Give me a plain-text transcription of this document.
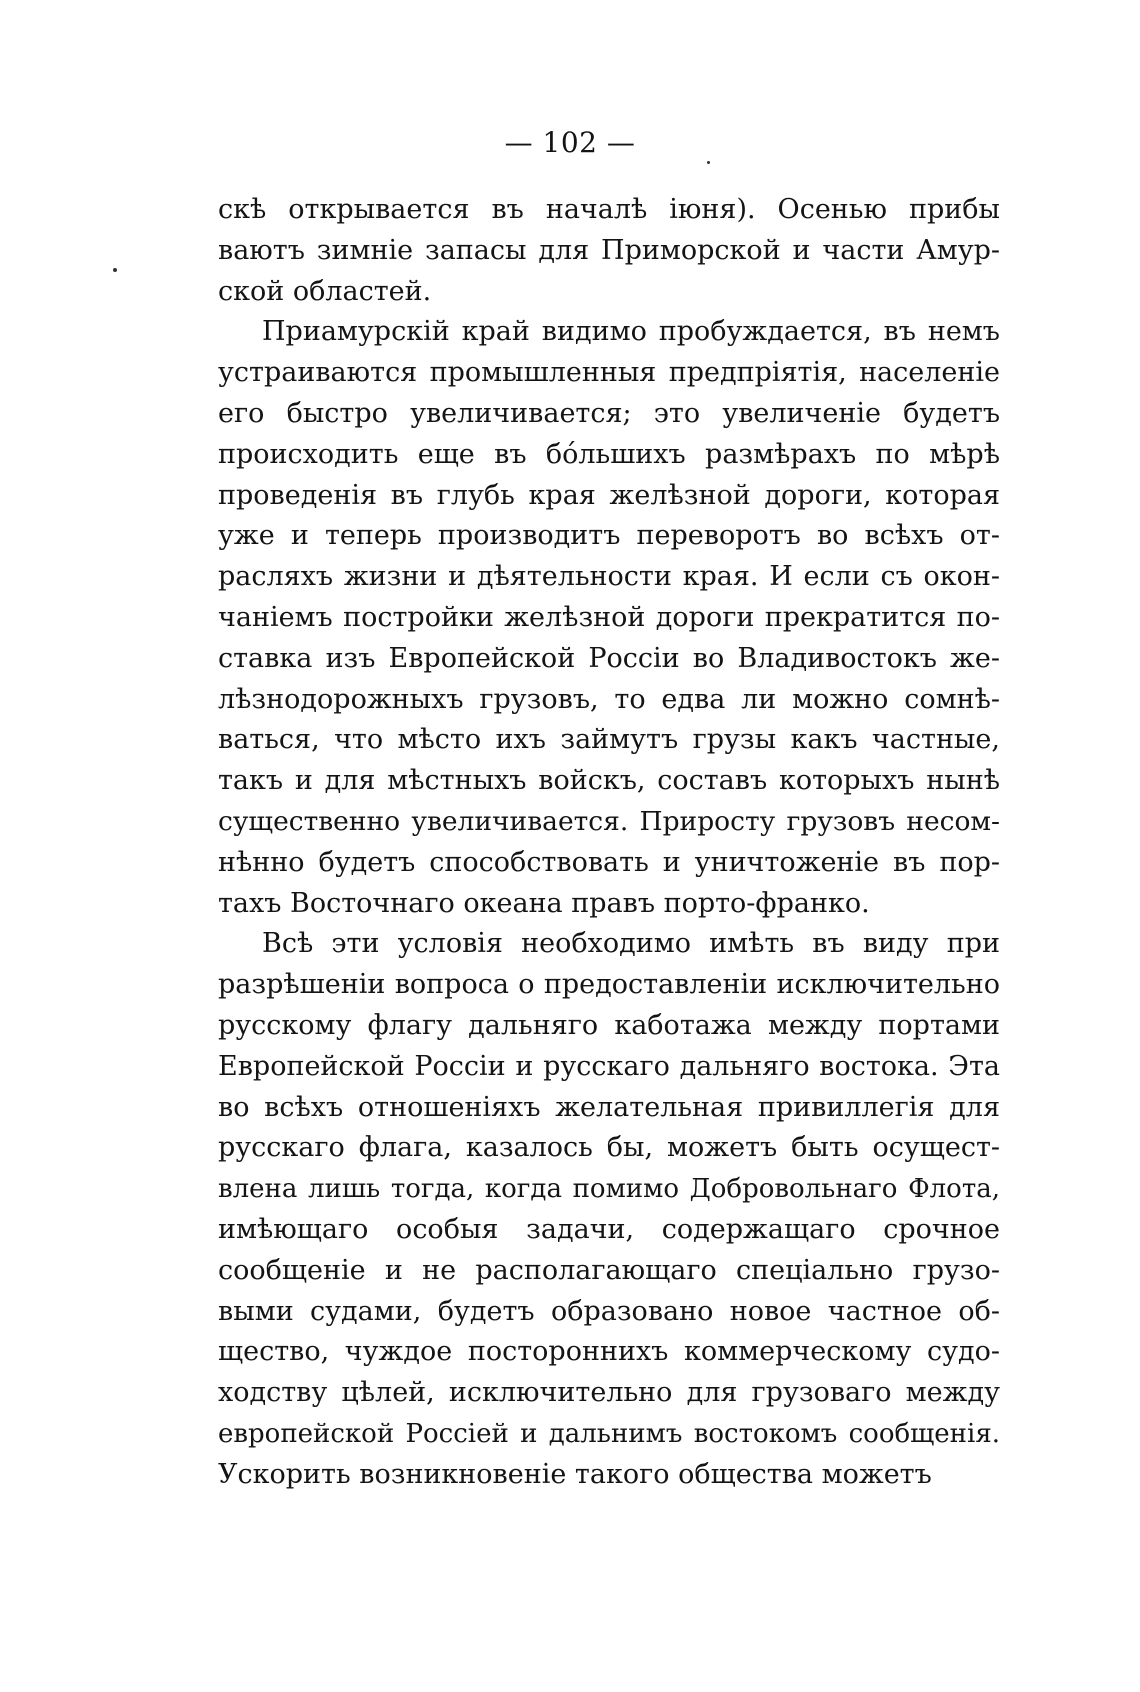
— 102 —
скѣ открывается въ началѣ іюня). Осенью прибы
ваютъ зимніе запасы для Приморской и части Амур-
ской областей.
Приамурскій край видимо пробуждается, въ немъ
устраиваются промышленныя предпріятія, населеніе
его быстро увеличивается; это увеличеніе будетъ
происходить еще въ бо́льшихъ размѣрахъ по мѣрѣ
проведенія въ глубь края желѣзной дороги, которая
уже и теперь производитъ переворотъ во всѣхъ от-
расляхъ жизни и дѣятельности края. И если съ окон-
чаніемъ постройки желѣзной дороги прекратится по-
ставка изъ Европейской Россіи во Владивостокъ же-
лѣзнодорожныхъ грузовъ, то едва ли можно сомнѣ-
ваться, что мѣсто ихъ займутъ грузы какъ частные,
такъ и для мѣстныхъ войскъ, составъ которыхъ нынѣ
существенно увеличивается. Приросту грузовъ несом-
нѣнно будетъ способствовать и уничтоженіе въ пор-
тахъ Восточнаго океана правъ порто-франко.
Всѣ эти условія необходимо имѣть въ виду при
разрѣшеніи вопроса о предоставленіи исключительно
русскому флагу дальняго каботажа между портами
Европейской Россіи и русскаго дальняго востока. Эта
во всѣхъ отношеніяхъ желательная привиллегія для
русскаго флага, казалось бы, можетъ быть осущест-
влена лишь тогда, когда помимо Добровольнаго Флота,
имѣющаго особыя задачи, содержащаго срочное
сообщеніе и не располагающаго спеціально грузо-
выми судами, будетъ образовано новое частное об-
щество, чуждое постороннихъ коммерческому судо-
ходству цѣлей, исключительно для грузоваго между
европейской Россіей и дальнимъ востокомъ сообщенія.
Ускорить возникновеніе такого общества можетъ
